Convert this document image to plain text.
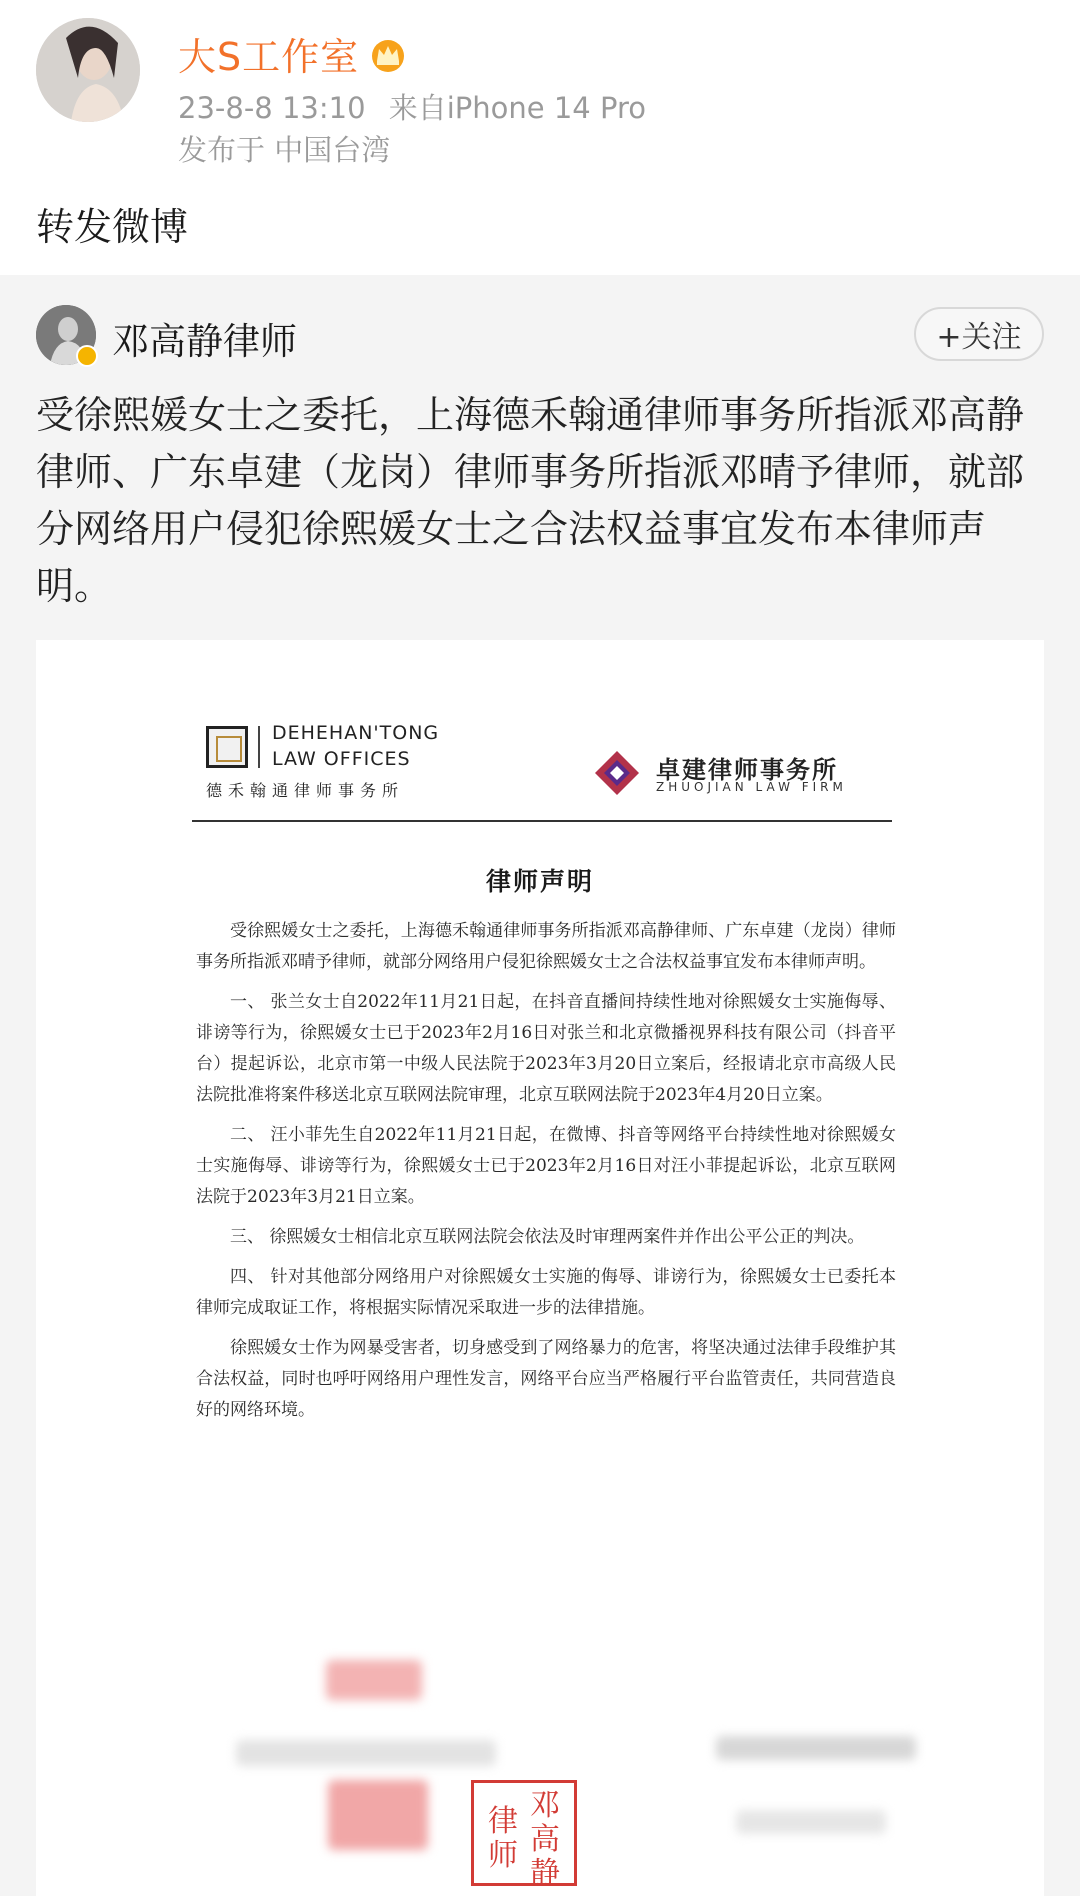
大S工作室
23-8-8 13:10 来自iPhone 14 Pro
发布于 中国台湾
转发微博
邓高静律师	+关注
受徐熙媛女士之委托，上海德禾翰通律师事务所指派邓高静律师、广东卓建（龙岗）律师事务所指派邓晴予律师，就部分网络用户侵犯徐熙媛女士之合法权益事宜发布本律师声明。
DEHEHAN'TONG
LAW OFFICES
德禾翰通律师事务所
卓建律师事务所
ZHUOJIAN LAW FIRM
律师声明

受徐熙媛女士之委托，上海德禾翰通律师事务所指派邓高静律师、广东卓建（龙岗）律师事务所指派邓晴予律师，就部分网络用户侵犯徐熙媛女士之合法权益事宜发布本律师声明。

一、 张兰女士自2022年11月21日起，在抖音直播间持续性地对徐熙媛女士实施侮辱、诽谤等行为，徐熙媛女士已于2023年2月16日对张兰和北京微播视界科技有限公司（抖音平台）提起诉讼，北京市第一中级人民法院于2023年3月20日立案后，经报请北京市高级人民法院批准将案件移送北京互联网法院审理，北京互联网法院于2023年4月20日立案。

二、 汪小菲先生自2022年11月21日起，在微博、抖音等网络平台持续性地对徐熙媛女士实施侮辱、诽谤等行为，徐熙媛女士已于2023年2月16日对汪小菲提起诉讼，北京互联网法院于2023年3月21日立案。

三、 徐熙媛女士相信北京互联网法院会依法及时审理两案件并作出公平公正的判决。

四、 针对其他部分网络用户对徐熙媛女士实施的侮辱、诽谤行为，徐熙媛女士已委托本律师完成取证工作，将根据实际情况采取进一步的法律措施。

徐熙媛女士作为网暴受害者，切身感受到了网络暴力的危害，将坚决通过法律手段维护其合法权益，同时也呼吁网络用户理性发言，网络平台应当严格履行平台监管责任，共同营造良好的网络环境。

邓
高
静
律
师
